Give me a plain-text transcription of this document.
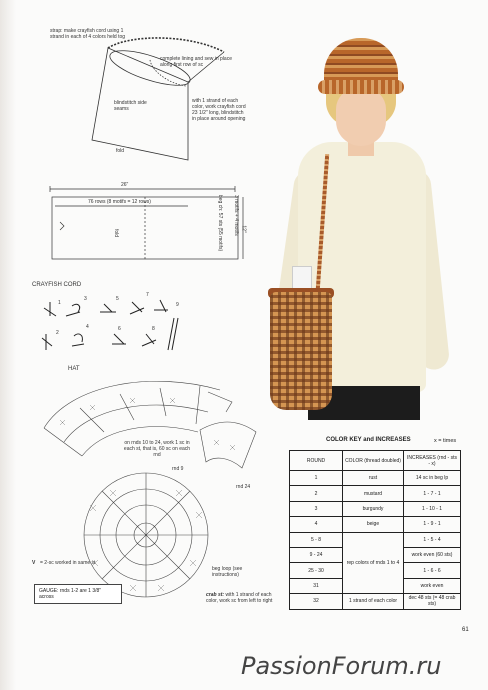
strap: make crayfish cord using 1 strand in each of 4 colors held tog
complete lining and sew in place along first row of sc
blindstitch side seams
fold
with 1 strand of each color, work crayfish cord 23 1/2" long, blindstitch in place around opening
26"
76 rows (8 motifs = 12 rows)
fold	beg ch: 57 sts (55 motifs) 3 motifs + 4 motifs 12"
CRAYFISH CORD
1
2
3
4
5
6
7
8
9
HAT
on rnds 10 to 24, work 1 sc in each st, that is, 60 sc on each rnd
rnd 9
rnd 24
beg loop (see instructions)
V = 2-sc worked in same st
GAUGE: rnds 1-2 are 1 3/8" across	crab st: with 1 strand of each color, work sc from left to right
COLOR KEY and INCREASES	x = times
ROUND	COLOR (thread doubled)	INCREASES (rnd - sts - x)
1	rust	14 sc in beg lp
2	mustard	1 - 7 - 1
3	burgundy	1 - 10 - 1
4	beige	1 - 9 - 1
5 - 8	rep colors of rnds 1 to 4	1 - 5 - 4
9 - 24		work even (60 sts)
25 - 30		1 - 6 - 6
31		work even
32	1 strand of each color	dec 48 sts (= 48 crab sts)
61
PassionForum.ru
